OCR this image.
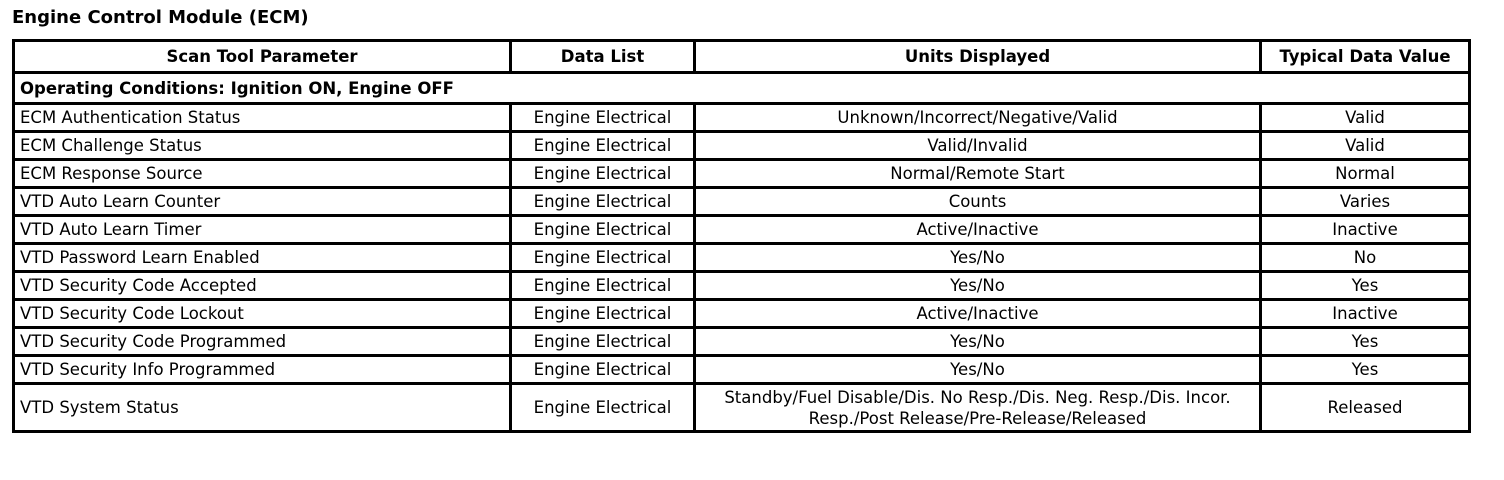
Engine Control Module (ECM)
Scan Tool Parameter	Data List	Units Displayed	Typical Data Value
Operating Conditions: Ignition ON, Engine OFF			
ECM Authentication Status	Engine Electrical	Unknown/Incorrect/Negative/Valid	Valid
ECM Challenge Status	Engine Electrical	Valid/Invalid	Valid
ECM Response Source	Engine Electrical	Normal/Remote Start	Normal
VTD Auto Learn Counter	Engine Electrical	Counts	Varies
VTD Auto Learn Timer	Engine Electrical	Active/Inactive	Inactive
VTD Password Learn Enabled	Engine Electrical	Yes/No	No
VTD Security Code Accepted	Engine Electrical	Yes/No	Yes
VTD Security Code Lockout	Engine Electrical	Active/Inactive	Inactive
VTD Security Code Programmed	Engine Electrical	Yes/No	Yes
VTD Security Info Programmed	Engine Electrical	Yes/No	Yes
VTD System Status	Engine Electrical	Standby/Fuel Disable/Dis. No Resp./Dis. Neg. Resp./Dis. Incor. Resp./Post Release/Pre-Release/Released	Released
